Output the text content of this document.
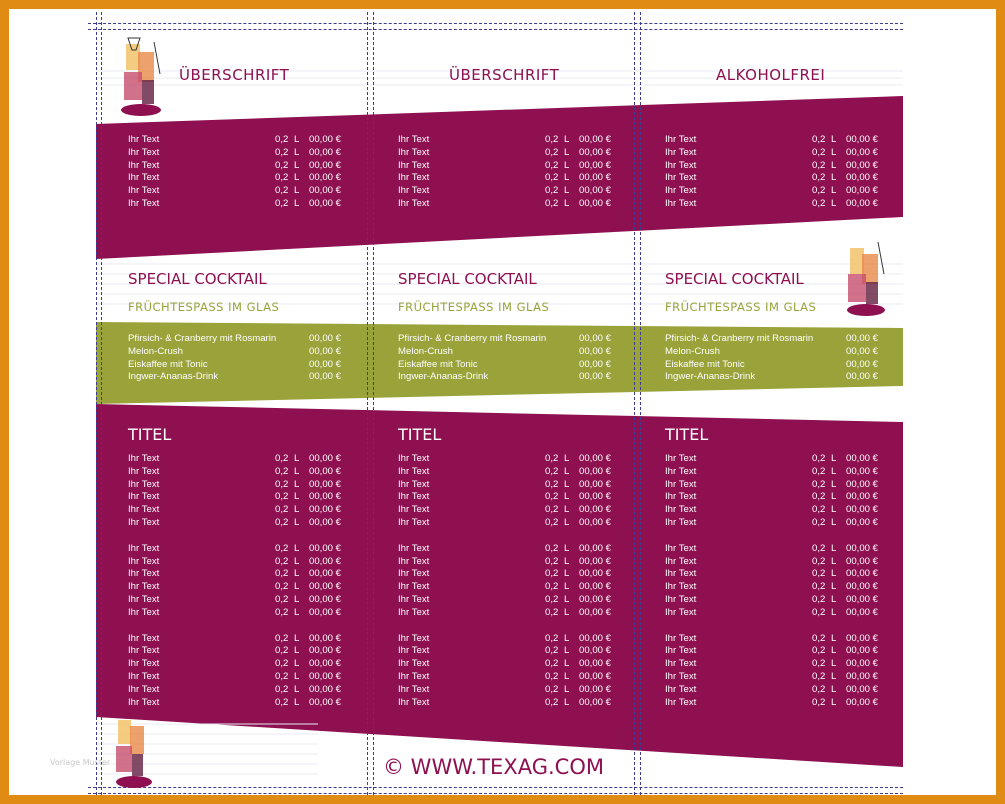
ÜBERSCHRIFT
Ihr Text	0,2 L 00,00 €
Ihr Text	0,2 L 00,00 €
Ihr Text	0,2 L 00,00 €
Ihr Text	0,2 L 00,00 €
Ihr Text	0,2 L 00,00 €
Ihr Text	0,2 L 00,00 €
SPECIAL COCKTAIL
FRÜCHTESPASS IM GLAS
Pfirsich- & Cranberry mit Rosmarin	00,00 €
Melon-Crush	00,00 €
Eiskaffee mit Tonic	00,00 €
Ingwer-Ananas-Drink	00,00 €
TITEL
Ihr Text	0,2 L 00,00 €
Ihr Text	0,2 L 00,00 €
Ihr Text	0,2 L 00,00 €
Ihr Text	0,2 L 00,00 €
Ihr Text	0,2 L 00,00 €
Ihr Text	0,2 L 00,00 €
Ihr Text	0,2 L 00,00 €
Ihr Text	0,2 L 00,00 €
Ihr Text	0,2 L 00,00 €
Ihr Text	0,2 L 00,00 €
Ihr Text	0,2 L 00,00 €
Ihr Text	0,2 L 00,00 €
Ihr Text	0,2 L 00,00 €
Ihr Text	0,2 L 00,00 €
Ihr Text	0,2 L 00,00 €
Ihr Text	0,2 L 00,00 €
Ihr Text	0,2 L 00,00 €
Ihr Text	0,2 L 00,00 €
ÜBERSCHRIFT
Ihr Text	0,2 L 00,00 €
Ihr Text	0,2 L 00,00 €
Ihr Text	0,2 L 00,00 €
Ihr Text	0,2 L 00,00 €
Ihr Text	0,2 L 00,00 €
Ihr Text	0,2 L 00,00 €
SPECIAL COCKTAIL
FRÜCHTESPASS IM GLAS
Pfirsich- & Cranberry mit Rosmarin	00,00 €
Melon-Crush	00,00 €
Eiskaffee mit Tonic	00,00 €
Ingwer-Ananas-Drink	00,00 €
TITEL
Ihr Text	0,2 L 00,00 €
Ihr Text	0,2 L 00,00 €
Ihr Text	0,2 L 00,00 €
Ihr Text	0,2 L 00,00 €
Ihr Text	0,2 L 00,00 €
Ihr Text	0,2 L 00,00 €
Ihr Text	0,2 L 00,00 €
Ihr Text	0,2 L 00,00 €
Ihr Text	0,2 L 00,00 €
Ihr Text	0,2 L 00,00 €
Ihr Text	0,2 L 00,00 €
Ihr Text	0,2 L 00,00 €
Ihr Text	0,2 L 00,00 €
Ihr Text	0,2 L 00,00 €
Ihr Text	0,2 L 00,00 €
Ihr Text	0,2 L 00,00 €
Ihr Text	0,2 L 00,00 €
Ihr Text	0,2 L 00,00 €
ALKOHOLFREI
Ihr Text	0,2 L 00,00 €
Ihr Text	0,2 L 00,00 €
Ihr Text	0,2 L 00,00 €
Ihr Text	0,2 L 00,00 €
Ihr Text	0,2 L 00,00 €
Ihr Text	0,2 L 00,00 €
SPECIAL COCKTAIL
FRÜCHTESPASS IM GLAS
Pfirsich- & Cranberry mit Rosmarin	00,00 €
Melon-Crush	00,00 €
Eiskaffee mit Tonic	00,00 €
Ingwer-Ananas-Drink	00,00 €
TITEL
Ihr Text	0,2 L 00,00 €
Ihr Text	0,2 L 00,00 €
Ihr Text	0,2 L 00,00 €
Ihr Text	0,2 L 00,00 €
Ihr Text	0,2 L 00,00 €
Ihr Text	0,2 L 00,00 €
Ihr Text	0,2 L 00,00 €
Ihr Text	0,2 L 00,00 €
Ihr Text	0,2 L 00,00 €
Ihr Text	0,2 L 00,00 €
Ihr Text	0,2 L 00,00 €
Ihr Text	0,2 L 00,00 €
Ihr Text	0,2 L 00,00 €
Ihr Text	0,2 L 00,00 €
Ihr Text	0,2 L 00,00 €
Ihr Text	0,2 L 00,00 €
Ihr Text	0,2 L 00,00 €
Ihr Text	0,2 L 00,00 €
© WWW.TEXAG.COM
Vorlage Muster
